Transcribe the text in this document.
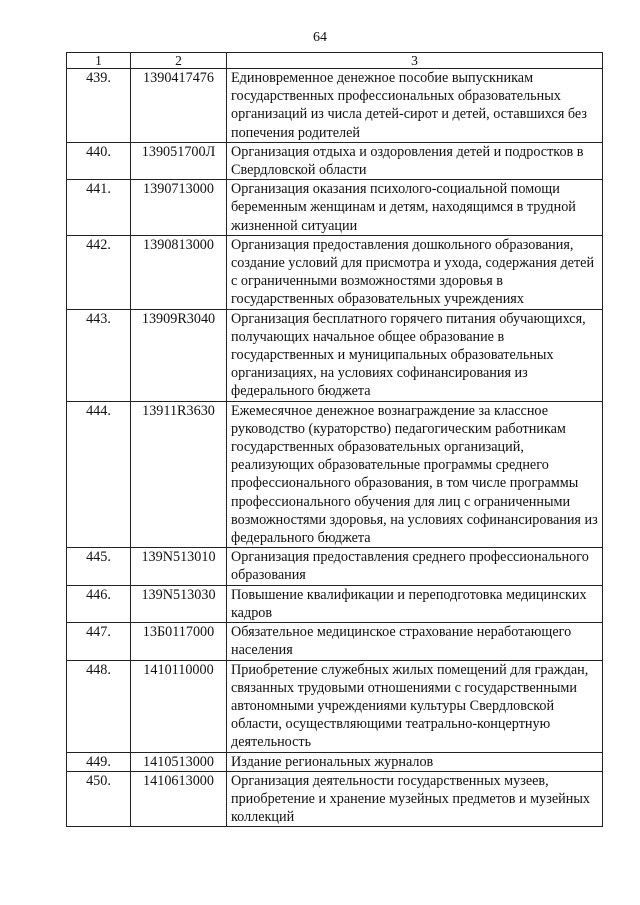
64
1	2	3
439.	1390417476	Единовременное денежное пособие выпускникам государственных профессиональных образовательных организаций из числа детей-сирот и детей, оставшихся без попечения родителей
440.	139051700Л	Организация отдыха и оздоровления детей и подростков в Свердловской области
441.	1390713000	Организация оказания психолого-социальной помощи беременным женщинам и детям, находящимся в трудной жизненной ситуации
442.	1390813000	Организация предоставления дошкольного образования, создание условий для присмотра и ухода, содержания детей с ограниченными возможностями здоровья в государственных образовательных учреждениях
443.	13909R3040	Организация бесплатного горячего питания обучающихся, получающих начальное общее образование в государственных и муниципальных образовательных организациях, на условиях софинансирования из федерального бюджета
444.	13911R3630	Ежемесячное денежное вознаграждение за классное руководство (кураторство) педагогическим работникам государственных образовательных организаций, реализующих образовательные программы среднего профессионального образования, в том числе программы профессионального обучения для лиц с ограниченными возможностями здоровья, на условиях софинансирования из федерального бюджета
445.	139N513010	Организация предоставления среднего профессионального образования
446.	139N513030	Повышение квалификации и переподготовка медицинских кадров
447.	13Б0117000	Обязательное медицинское страхование неработающего населения
448.	1410110000	Приобретение служебных жилых помещений для граждан, связанных трудовыми отношениями с государственными автономными учреждениями культуры Свердловской области, осуществляющими театрально-концертную деятельность
449.	1410513000	Издание региональных журналов
450.	1410613000	Организация деятельности государственных музеев, приобретение и хранение музейных предметов и музейных коллекций
